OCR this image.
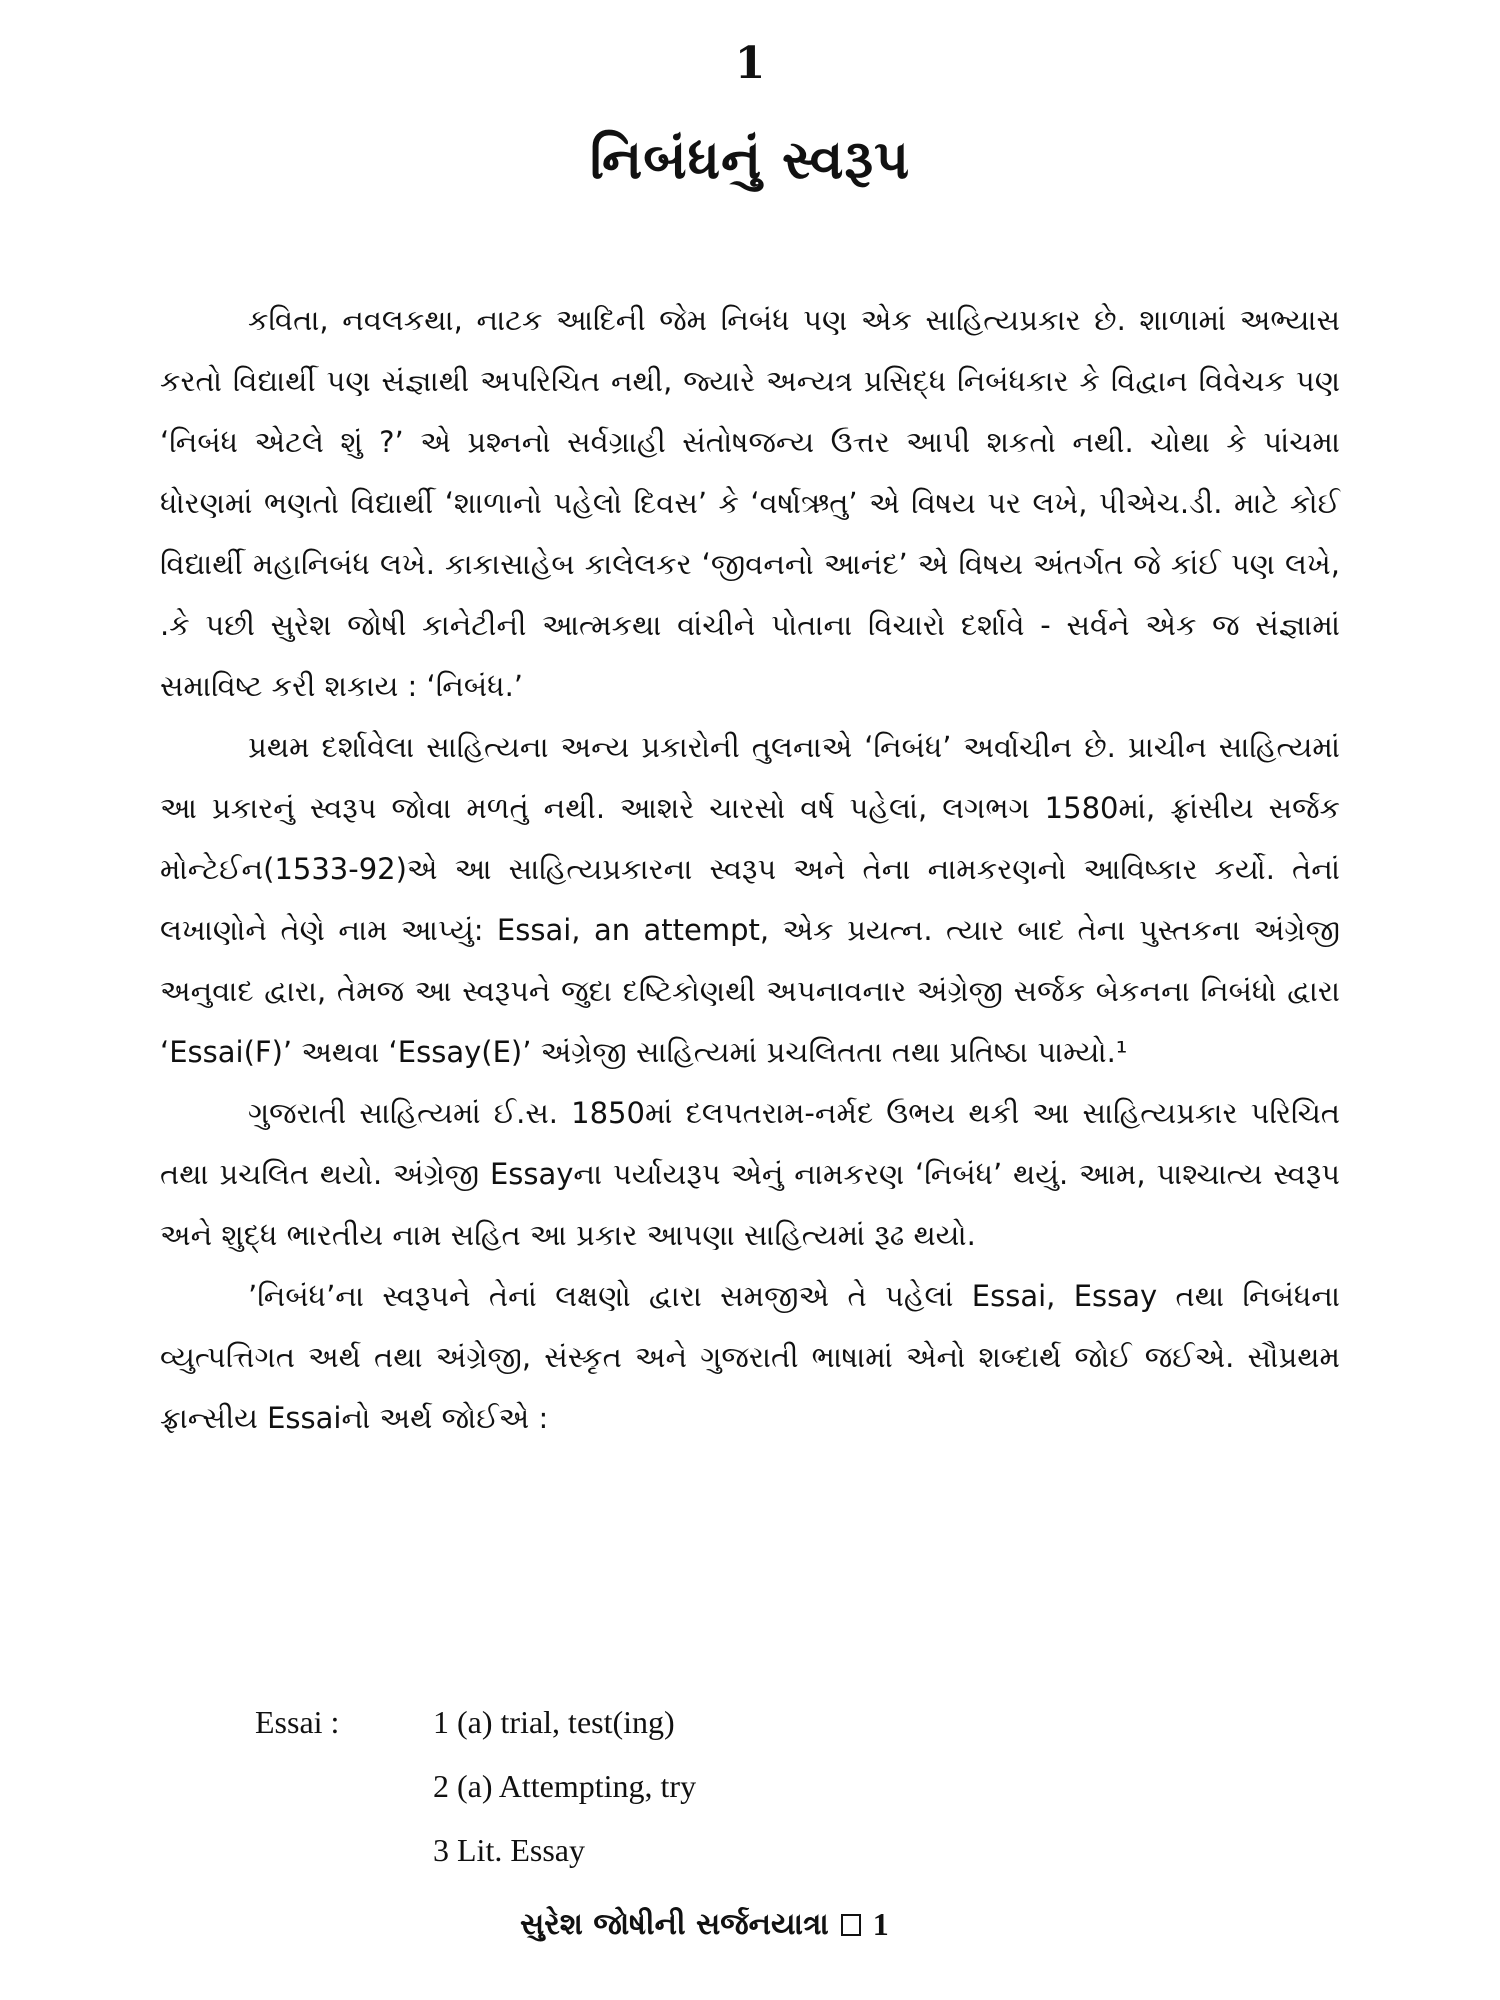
1
નિબંધનું સ્વરૂપ

કવિતા, નવલકથા, નાટક આદિની જેમ નિબંધ પણ એક સાહિત્યપ્રકાર છે. શાળામાં અભ્યાસ કરતો વિદ્યાર્થી પણ સંજ્ઞાથી અપરિચિત નથી, જ્યારે અન્યત્ર પ્રસિદ્ધ નિબંધકાર કે વિદ્વાન વિવેચક પણ ‘નિબંધ એટલે શું ?’ એ પ્રશ્નનો સર્વગ્રાહી સંતોષજન્ય ઉત્તર આપી શકતો નથી. ચોથા કે પાંચમા ધોરણમાં ભણતો વિદ્યાર્થી ‘શાળાનો પહેલો દિવસ’ કે ‘વર્ષાઋતુ’ એ વિષય પર લખે, પીએચ.ડી. માટે કોઈ વિદ્યાર્થી મહાનિબંધ લખે. કાકાસાહેબ કાલેલકર ‘જીવનનો આનંદ’ એ વિષય અંતર્ગત જે કાંઈ પણ લખે, .કે પછી સુરેશ જોષી કાનેટીની આત્મકથા વાંચીને પોતાના વિચારો દર્શાવે - સર્વને એક જ સંજ્ઞામાં સમાવિષ્ટ કરી શકાય : ‘નિબંધ.’

પ્રથમ દર્શાવેલા સાહિત્યના અન્ય પ્રકારોની તુલનાએ ‘નિબંધ’ અર્વાચીન છે. પ્રાચીન સાહિત્યમાં આ પ્રકારનું સ્વરૂપ જોવા મળતું નથી. આશરે ચારસો વર્ષ પહેલાં, લગભગ 1580માં, ફ્રાંસીય સર્જક મોન્ટેઈન(1533-92)એ આ સાહિત્યપ્રકારના સ્વરૂપ અને તેના નામકરણનો આવિષ્કાર કર્યો. તેનાં લખાણોને તેણે નામ આપ્યું: Essai, an attempt, એક પ્રયત્ન. ત્યાર બાદ તેના પુસ્તકના અંગ્રેજી અનુવાદ દ્વારા, તેમજ આ સ્વરૂપને જુદા દષ્ટિકોણથી અપનાવનાર અંગ્રેજી સર્જક બેકનના નિબંધો દ્વારા ‘Essai(F)’ અથવા ‘Essay(E)’ અંગ્રેજી સાહિત્યમાં પ્રચલિતતા તથા પ્રતિષ્ઠા પામ્યો.¹

ગુજરાતી સાહિત્યમાં ઈ.સ. 1850માં દલપતરામ-નર્મદ ઉભય થકી આ સાહિત્યપ્રકાર પરિચિત તથા પ્રચલિત થયો. અંગ્રેજી Essayના પર્યાયરૂપ એનું નામકરણ ‘નિબંધ’ થયું. આમ, પાશ્ચાત્ય સ્વરૂપ અને શુદ્ધ ભારતીય નામ સહિત આ પ્રકાર આપણા સાહિત્યમાં રૂઢ થયો.

’નિબંધ’ના સ્વરૂપને તેનાં લક્ષણો દ્વારા સમજીએ તે પહેલાં Essai, Essay તથા નિબંધના વ્યુત્પત્તિગત અર્થ તથા અંગ્રેજી, સંસ્કૃત અને ગુજરાતી ભાષામાં એનો શબ્દાર્થ જોઈ જઈએ. સૌપ્રથમ ફ્રાન્સીય Essaiનો અર્થ જોઈએ :

Essai :	1 (a) trial, test(ing)
2 (a) Attempting, try
3 Lit. Essay
સુરેશ જોષીની સર્જનયાત્રા 1
